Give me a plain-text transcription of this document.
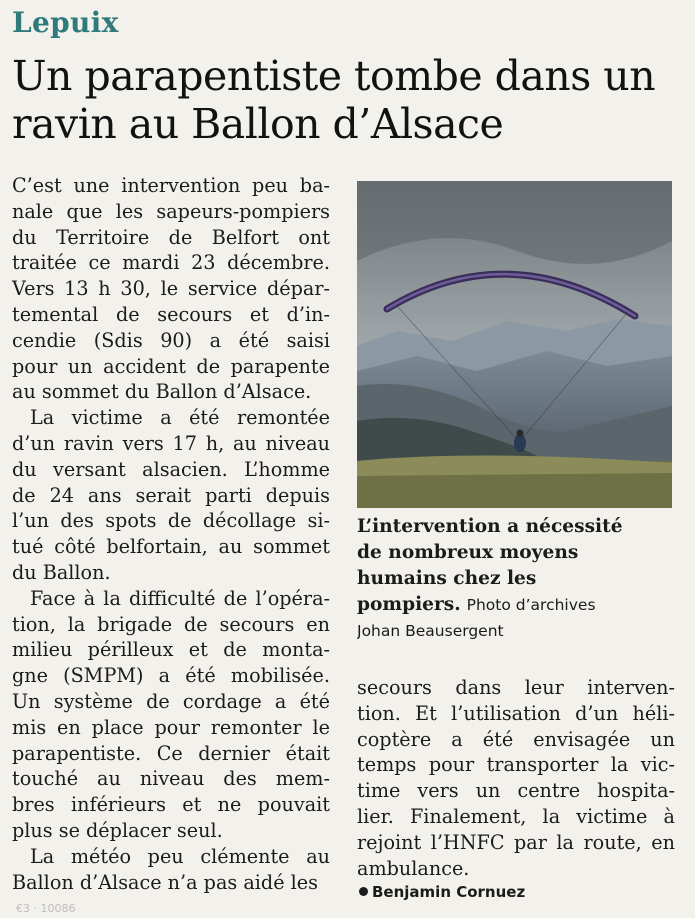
Lepuix
Un parapentiste tombe dans un ravin au Ballon d’Alsace
C’est une intervention peu ba-
nale que les sapeurs-pompiers
du Territoire de Belfort ont
traitée ce mardi 23 décembre.
Vers 13 h 30, le service dépar-
temental de secours et d’in-
cendie (Sdis 90) a été saisi
pour un accident de parapente
au sommet du Ballon d’Alsace.
La victime a été remontée
d’un ravin vers 17 h, au niveau
du versant alsacien. L’homme
de 24 ans serait parti depuis
l’un des spots de décollage si-
tué côté belfortain, au sommet
du Ballon.
Face à la difficulté de l’opéra-
tion, la brigade de secours en
milieu périlleux et de monta-
gne (SMPM) a été mobilisée.
Un système de cordage a été
mis en place pour remonter le
parapentiste. Ce dernier était
touché au niveau des mem-
bres inférieurs et ne pouvait
plus se déplacer seul.
La météo peu clémente au
Ballon d’Alsace n’a pas aidé les
L’intervention a nécessité
de nombreux moyens
humains chez les
pompiers. Photo d’archives
Johan Beausergent
secours dans leur interven-
tion. Et l’utilisation d’un héli-
coptère a été envisagée un
temps pour transporter la vic-
time vers un centre hospita-
lier. Finalement, la victime à
rejoint l’HNFC par la route, en
ambulance.
Benjamin Cornuez
€3 · 10086
